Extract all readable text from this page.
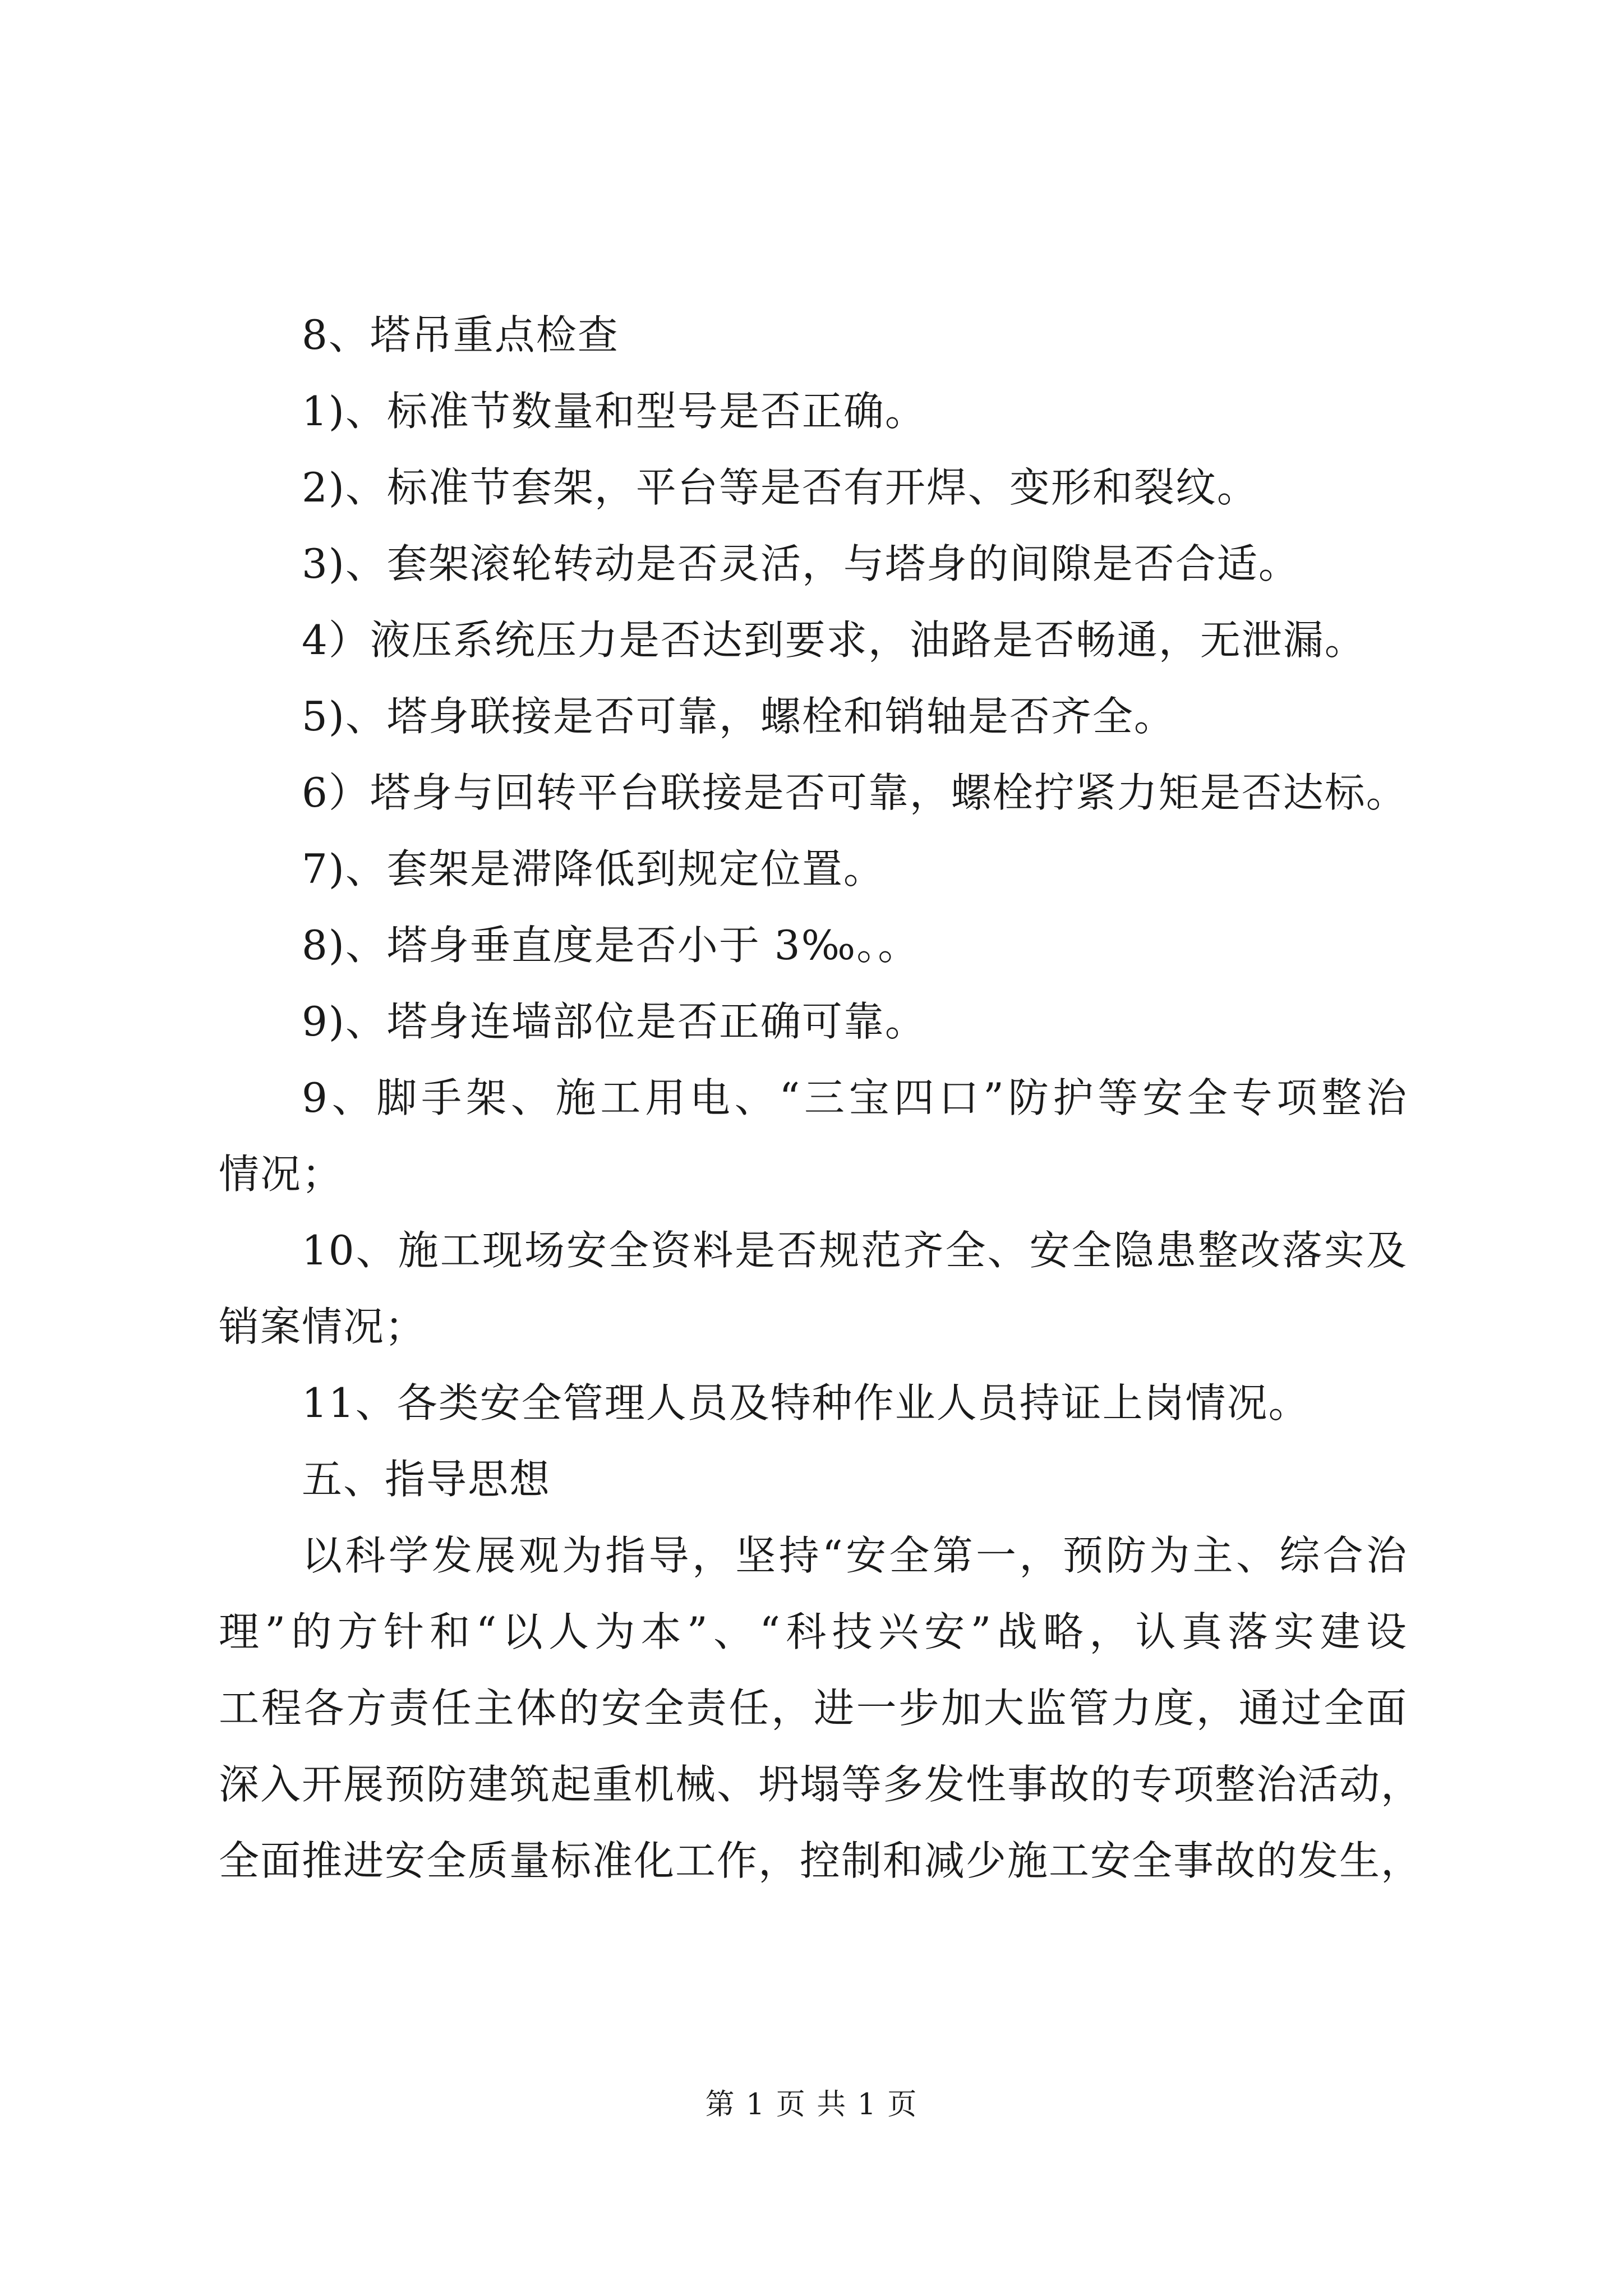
8、塔吊重点检查
1)、标准节数量和型号是否正确。
2)、标准节套架，平台等是否有开焊、变形和裂纹。
3)、套架滚轮转动是否灵活，与塔身的间隙是否合适。
4）液压系统压力是否达到要求，油路是否畅通，无泄漏。
5)、塔身联接是否可靠，螺栓和销轴是否齐全。
6）塔身与回转平台联接是否可靠，螺栓拧紧力矩是否达标。
7)、套架是滞降低到规定位置。
8)、塔身垂直度是否小于 3‰。。
9)、塔身连墙部位是否正确可靠。
9、脚手架、施工用电、“三宝四口”防护等安全专项整治
情况；
10、施工现场安全资料是否规范齐全、安全隐患整改落实及
销案情况；
11、各类安全管理人员及特种作业人员持证上岗情况。
五、指导思想
以科学发展观为指导，坚持“安全第一，预防为主、综合治
理”的方针和“以人为本”、“科技兴安”战略，认真落实建设
工程各方责任主体的安全责任，进一步加大监管力度，通过全面
深入开展预防建筑起重机械、坍塌等多发性事故的专项整治活动，
全面推进安全质量标准化工作，控制和减少施工安全事故的发生，
第 1 页 共 1 页
